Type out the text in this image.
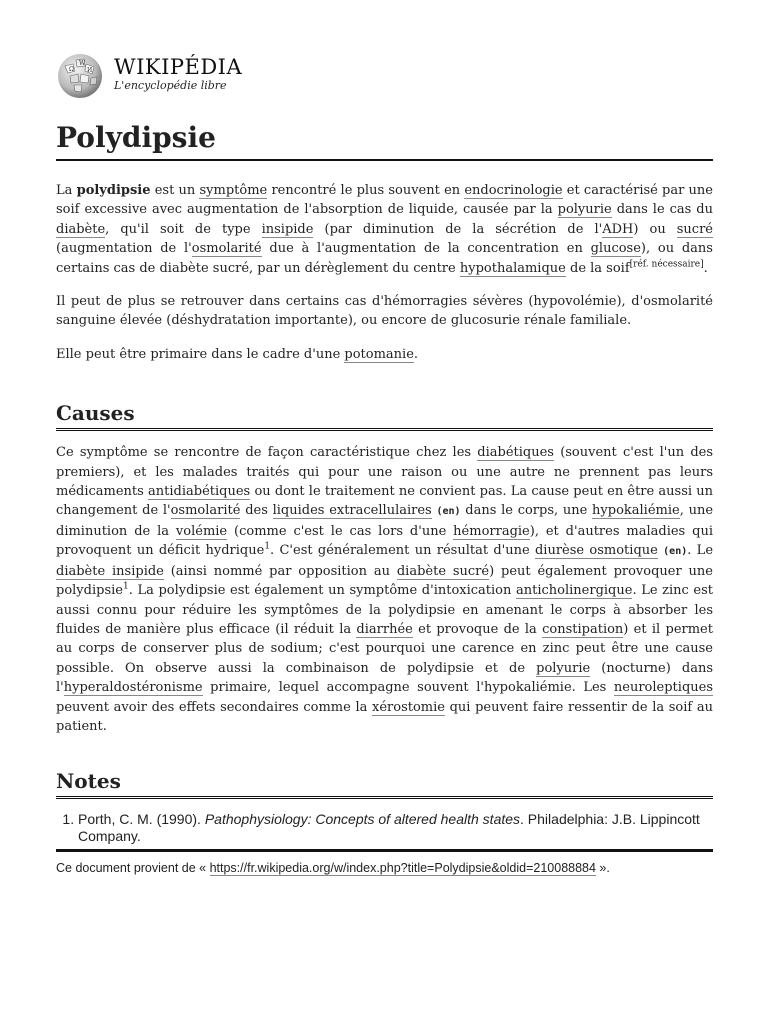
Ω
W
И WIKIPÉDIA
L'encyclopédie libre
Polydipsie

La polydipsie est un symptôme rencontré le plus souvent en endocrinologie et caractérisé par une soif excessive avec augmentation de l'absorption de liquide, causée par la polyurie dans le cas du diabète, qu'il soit de type insipide (par diminution de la sécrétion de l'ADH) ou sucré (augmentation de l'osmolarité due à l'augmentation de la concentration en glucose), ou dans certains cas de diabète sucré, par un dérèglement du centre hypothalamique de la soif[réf. nécessaire].

Il peut de plus se retrouver dans certains cas d'hémorragies sévères (hypovolémie), d'osmolarité sanguine élevée (déshydratation importante), ou encore de glucosurie rénale familiale.

Elle peut être primaire dans le cadre d'une potomanie.

Causes

Ce symptôme se rencontre de façon caractéristique chez les diabétiques (souvent c'est l'un des premiers), et les malades traités qui pour une raison ou une autre ne prennent pas leurs médicaments antidiabétiques ou dont le traitement ne convient pas. La cause peut en être aussi un changement de l'osmolarité des liquides extracellulaires (en) dans le corps, une hypokaliémie, une diminution de la volémie (comme c'est le cas lors d'une hémorragie), et d'autres maladies qui provoquent un déficit hydrique$^1$. C'est généralement un résultat d'une diurèse osmotique (en). Le diabète insipide (ainsi nommé par opposition au diabète sucré) peut également provoquer une polydipsie$^1$. La polydipsie est également un symptôme d'intoxication anticholinergique. Le zinc est aussi connu pour réduire les symptômes de la polydipsie en amenant le corps à absorber les fluides de manière plus efficace (il réduit la diarrhée et provoque de la constipation) et il permet au corps de conserver plus de sodium; c'est pourquoi une carence en zinc peut être une cause possible. On observe aussi la combinaison de polydipsie et de polyurie (nocturne) dans l'hyperaldostéronisme primaire, lequel accompagne souvent l'hypokaliémie. Les neuroleptiques peuvent avoir des effets secondaires comme la xérostomie qui peuvent faire ressentir de la soif au patient.

Notes
1. Porth, C. M. (1990). Pathophysiology: Concepts of altered health states. Philadelphia: J.B. Lippincott Company.
Ce document provient de « https://fr.wikipedia.org/w/index.php?title=Polydipsie&oldid=210088884 ».
